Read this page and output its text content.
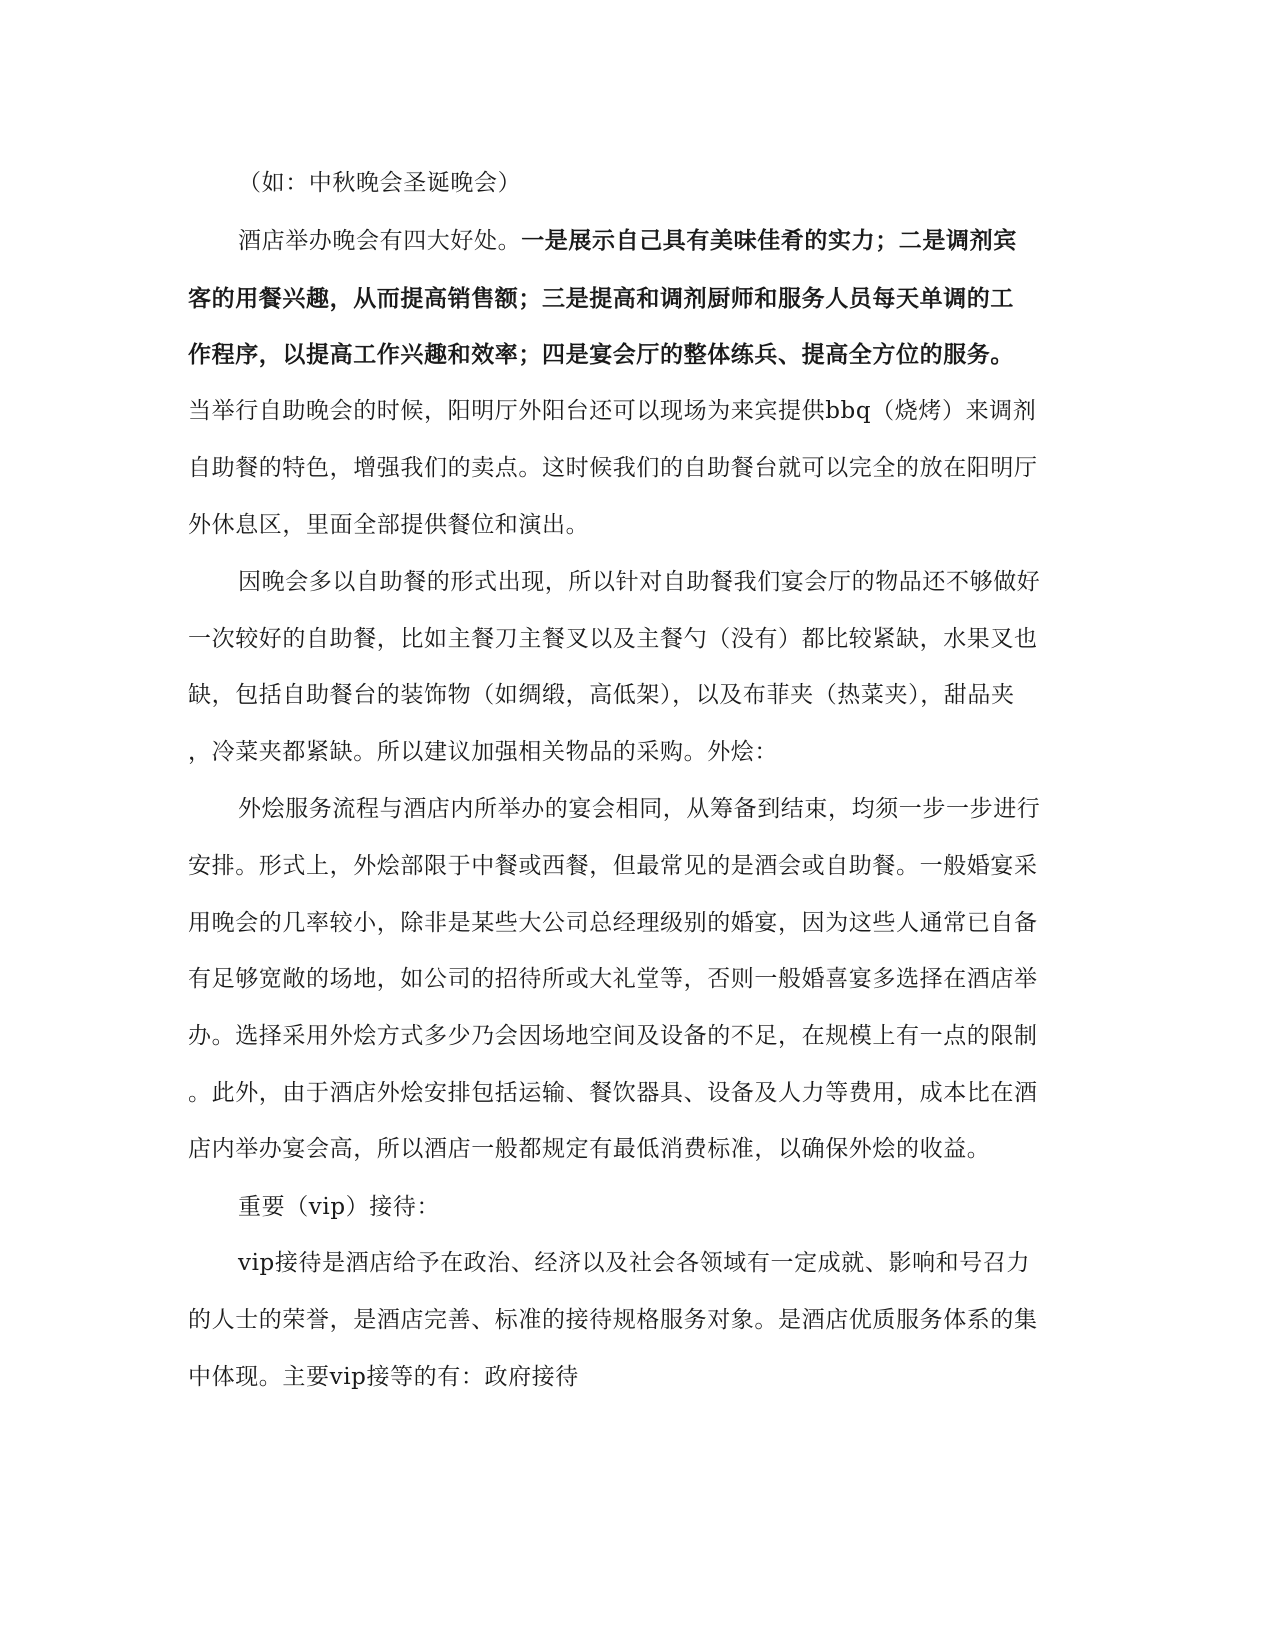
（如：中秋晚会圣诞晚会）
酒店举办晚会有四大好处。一是展示自己具有美味佳肴的实力；二是调剂宾
客的用餐兴趣，从而提高销售额；三是提高和调剂厨师和服务人员每天单调的工
作程序，以提高工作兴趣和效率；四是宴会厅的整体练兵、提高全方位的服务。
当举行自助晚会的时候，阳明厅外阳台还可以现场为来宾提供bbq（烧烤）来调剂
自助餐的特色，增强我们的卖点。这时候我们的自助餐台就可以完全的放在阳明厅
外休息区，里面全部提供餐位和演出。
因晚会多以自助餐的形式出现，所以针对自助餐我们宴会厅的物品还不够做好
一次较好的自助餐，比如主餐刀主餐叉以及主餐勺（没有）都比较紧缺，水果叉也
缺，包括自助餐台的装饰物（如绸缎，高低架），以及布菲夹（热菜夹），甜品夹
，冷菜夹都紧缺。所以建议加强相关物品的采购。外烩：
外烩服务流程与酒店内所举办的宴会相同，从筹备到结束，均须一步一步进行
安排。形式上，外烩部限于中餐或西餐，但最常见的是酒会或自助餐。一般婚宴采
用晚会的几率较小，除非是某些大公司总经理级别的婚宴，因为这些人通常已自备
有足够宽敞的场地，如公司的招待所或大礼堂等，否则一般婚喜宴多选择在酒店举
办。选择采用外烩方式多少乃会因场地空间及设备的不足，在规模上有一点的限制
。此外，由于酒店外烩安排包括运输、餐饮器具、设备及人力等费用，成本比在酒
店内举办宴会高，所以酒店一般都规定有最低消费标准，以确保外烩的收益。
重要（vip）接待：
vip接待是酒店给予在政治、经济以及社会各领域有一定成就、影响和号召力
的人士的荣誉，是酒店完善、标准的接待规格服务对象。是酒店优质服务体系的集
中体现。主要vip接等的有：政府接待
